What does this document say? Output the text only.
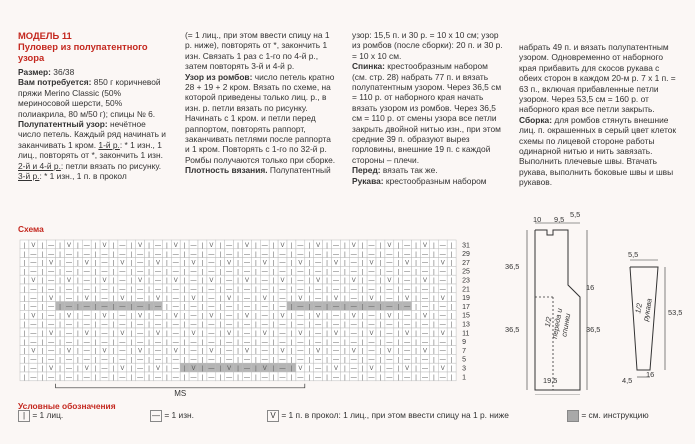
МОДЕЛЬ 11

Пуловер из полупатентного узора

Размер: 36/38

Вам потребуется: 850 г коричневой пряжи Merino Classic (50% мериносовой шерсти, 50% полиакрила, 80 м/50 г); спицы № 6.

Полупатентный узор: нечётное число петель. Каждый ряд начинать и заканчивать 1 кром. 1-й р.: * 1 изн., 1 лиц., повторять от *, закончить 1 изн. 2-й и 4-й р.: петли вязать по рисунку. 3-й р.: * 1 изн., 1 п. в прокол

(= 1 лиц., при этом ввести спицу на 1 р. ниже), повторять от *, закончить 1 изн. Связать 1 раз с 1-го по 4-й р., затем повторять 3-й и 4-й р.

Узор из ромбов: число петель кратно 28 + 19 + 2 кром. Вязать по схеме, на которой приведены только лиц. р., в изн. р. петли вязать по рисунку. Начинать с 1 кром. и петли перед раппортом, повторять раппорт, заканчивать петлями после раппорта и 1 кром. Повторять с 1-го по 32-й р. Ромбы получаются только при сборке.

Плотность вязания. Полупатентный

узор: 15,5 п. и 30 р. = 10 х 10 см; узор из ромбов (после сборки): 20 п. и 30 р. = 10 х 10 см.

Спинка: крестообразным набором (см. стр. 28) набрать 77 п. и вязать полупатентным узором. Через 36,5 см = 110 р. от наборного края начать вязать узором из ромбов. Через 36,5 см = 110 р. от смены узора все петли закрыть двойной нитью изн., при этом средние 39 п. образуют вырез горловины, внешние 19 п. с каждой стороны – плечи.

Перед: вязать так же.

Рукава: крестообразным набором

набрать 49 п. и вязать полупатентным узором. Одновременно от наборного края прибавить для скосов рукава с обеих сторон в каждом 20-м р. 7 х 1 п. = 63 п., включая прибавленные петли узором. Через 53,5 см = 160 р. от наборного края все петли закрыть.

Сборка: для ромбов стянуть внешние лиц. п. окрашенных в серый цвет клеток схемы по лицевой стороне работы одинарной нитью и нить завязать. Выполнить плечевые швы. Втачать рукава, выполнить боковые швы и швы рукавов.

Схема
| V | — | V | — | V | — | V | — | V | — | V | — | V | — | V | — | V | — | V | — | V | — | V | — |
| — | — | — | — | — | — | — | — | — | — | — | — | — | — | — | — | — | — | — | — | — | — | — | — |
| — | V | — | V | — | V | — | V | — | V | — | V | — | V | — | V | — | V | — | V | — | V | — | V |
| — | — | — | — | — | — | — | — | — | — | — | — | — | — | — | — | — | — | — | — | — | — | — | — |
| V | — | V | — | V | — | V | — | V | — | V | — | V | — | V | — | V | — | V | — | V | — | V | — |
| — | — | — | — | — | — | — | — | — | — | — | — | — | — | — | — | — | — | — | — | — | — | — | — |
| — | V | — | V | — | V | — | V | — | V | — | V | — | V | — | V | — | V | — | V | — | V | — | V |
| — | — | — | — | — | — | — | — | — | — | — | — | — | — | — | — | — | — | — | — | — | — | — | — |
| V | — | V | — | V | — | V | — | V | — | V | — | V | — | V | — | V | — | V | — | V | — | V | — |
| — | — | — | — | — | — | — | — | — | — | — | — | — | — | — | — | — | — | — | — | — | — | — | — |
| — | V | — | V | — | V | — | V | — | V | — | V | — | V | — | V | — | V | — | V | — | V | — | V |
| — | — | — | — | — | — | — | — | — | — | — | — | — | — | — | — | — | — | — | — | — | — | — | — |
| V | — | V | — | V | — | V | — | V | — | V | — | V | — | V | — | V | — | V | — | V | — | V | — |
| — | — | — | — | — | — | — | — | — | — | — | — | — | — | — | — | — | — | — | — | — | — | — | — |
| — | V | — | V | — | V | — | V | — | V | — | V | — | V | — | V | — | V | — | V | — | V | — | V |
| — | — | — | — | — | — | — | — | — | — | — | — | — | — | — | — | — | — | — | — | — | — | — | — |
31
29
27
25
23
21
19
17
15
13
11
9
7
5
3
1
MS
10 9,5
5,5
36,5
16
36,5	36,5
19,5
1/2 переда и спинки
5,5
53,5
4,5
16
1/2 рукава
Условные обозначения
| = 1 лиц.	— = 1 изн.	V = 1 п. в прокол: 1 лиц., при этом ввести спицу на 1 р. ниже	= см. инструкцию
